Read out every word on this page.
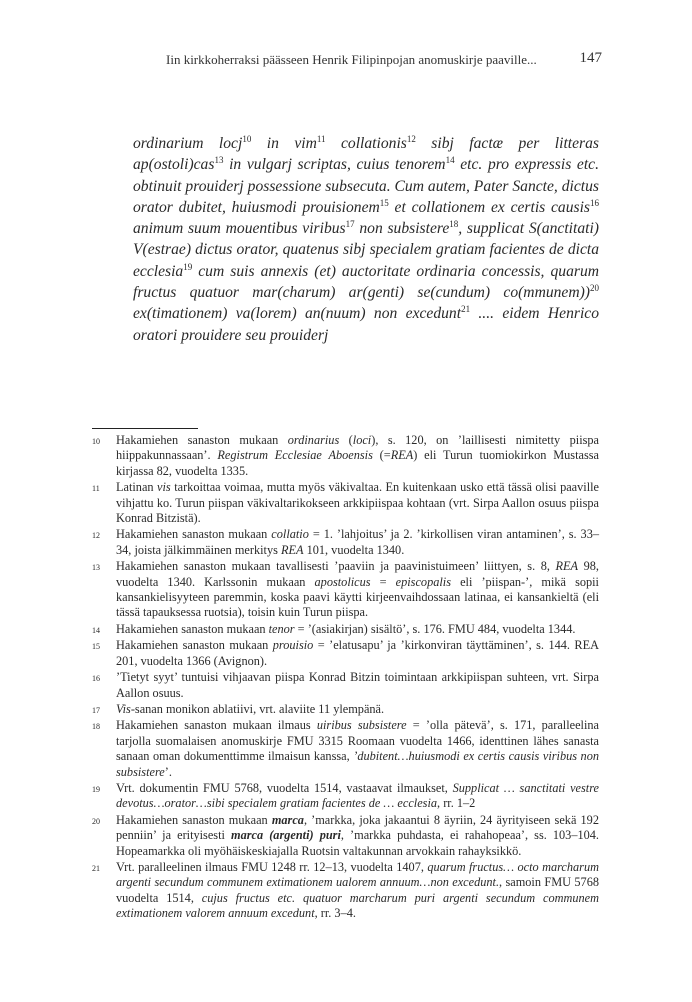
Iin kirkkoherraksi päässeen Henrik Filipinpojan anomuskirje paaville...	147

ordinarium locj$^{10}$ in vim$^{11}$ collationis$^{12}$ sibj factæ per litteras ap(ostoli)cas$^{13}$ in vulgarj scriptas, cuius tenorem$^{14}$ etc. pro expressis etc. obtinuit prouiderj possessione subsecuta. Cum autem, Pater Sancte, dictus orator dubitet, huiusmodi prouisionem$^{15}$ et collationem ex certis causis$^{16}$ animum suum mouentibus viribus$^{17}$ non subsistere$^{18}$, supplicat S(anctitati) V(estrae) dictus orator, quatenus sibj specialem gratiam facientes de dicta ecclesia$^{19}$ cum suis annexis (et) auctoritate ordinaria concessis, quarum fructus quatuor mar(charum) ar(genti) se(cundum) co(mmunem))$^{20}$ ex(timationem) va(lorem) an(nuum) non excedunt$^{21}$ .... eidem Henrico oratori prouidere seu prouiderj

10 Hakamiehen sanaston mukaan ordinarius (loci), s. 120, on ’laillisesti nimitetty piispa hiippakunnassaan’. Registrum Ecclesiae Aboensis (=REA) eli Turun tuomiokirkon Mustassa kirjassa 82, vuodelta 1335.
11 Latinan vis tarkoittaa voimaa, mutta myös väkivaltaa. En kuitenkaan usko että tässä olisi paaville vihjattu ko. Turun piispan väkivaltarikokseen arkkipiispaa kohtaan (vrt. Sirpa Aallon osuus piispa Konrad Bitzistä).
12 Hakamiehen sanaston mukaan collatio = 1. ’lahjoitus’ ja 2. ’kirkollisen viran antaminen’, s. 33–34, joista jälkimmäinen merkitys REA 101, vuodelta 1340.
13 Hakamiehen sanaston mukaan tavallisesti ’paaviin ja paavinistuimeen’ liittyen, s. 8, REA 98, vuodelta 1340. Karlssonin mukaan apostolicus = episcopalis eli ’piispan-’, mikä sopii kansankielisyyteen paremmin, koska paavi käytti kirjeenvaihdossaan latinaa, ei kansankieltä (eli tässä tapauksessa ruotsia), toisin kuin Turun piispa.
14 Hakamiehen sanaston mukaan tenor = ’(asiakirjan) sisältö’, s. 176. FMU 484, vuodelta 1344.
15 Hakamiehen sanaston mukaan prouisio = ’elatusapu’ ja ’kirkonviran täyttäminen’, s. 144. REA 201, vuodelta 1366 (Avignon).
16 ’Tietyt syyt’ tuntuisi vihjaavan piispa Konrad Bitzin toimintaan arkkipiispan suhteen, vrt. Sirpa Aallon osuus.
17 Vis-sanan monikon ablatiivi, vrt. alaviite 11 ylempänä.
18 Hakamiehen sanaston mukaan ilmaus uiribus subsistere = ’olla pätevä’, s. 171, paralleelina tarjolla suomalaisen anomuskirje FMU 3315 Roomaan vuodelta 1466, identtinen lähes sanasta sanaan oman dokumenttimme ilmaisun kanssa, ’dubitent…huiusmodi ex certis causis viribus non subsistere’.
19 Vrt. dokumentin FMU 5768, vuodelta 1514, vastaavat ilmaukset, Supplicat … sanctitati vestre devotus…orator…sibi specialem gratiam facientes de … ecclesia, rr. 1–2
20 Hakamiehen sanaston mukaan marca, ’markka, joka jakaantui 8 äyriin, 24 äyrityiseen sekä 192 penniin’ ja erityisesti marca (argenti) puri, ’markka puhdasta, ei rahahopeaa’, ss. 103–104. Hopeamarkka oli myöhäiskeskiajalla Ruotsin valtakunnan arvokkain rahayksikkö.
21 Vrt. paralleelinen ilmaus FMU 1248 rr. 12–13, vuodelta 1407, quarum fructus… octo marcharum argenti secundum communem extimationem ualorem annuum…non excedunt., samoin FMU 5768 vuodelta 1514, cujus fructus etc. quatuor marcharum puri argenti secundum communem extimationem valorem annuum excedunt, rr. 3–4.
